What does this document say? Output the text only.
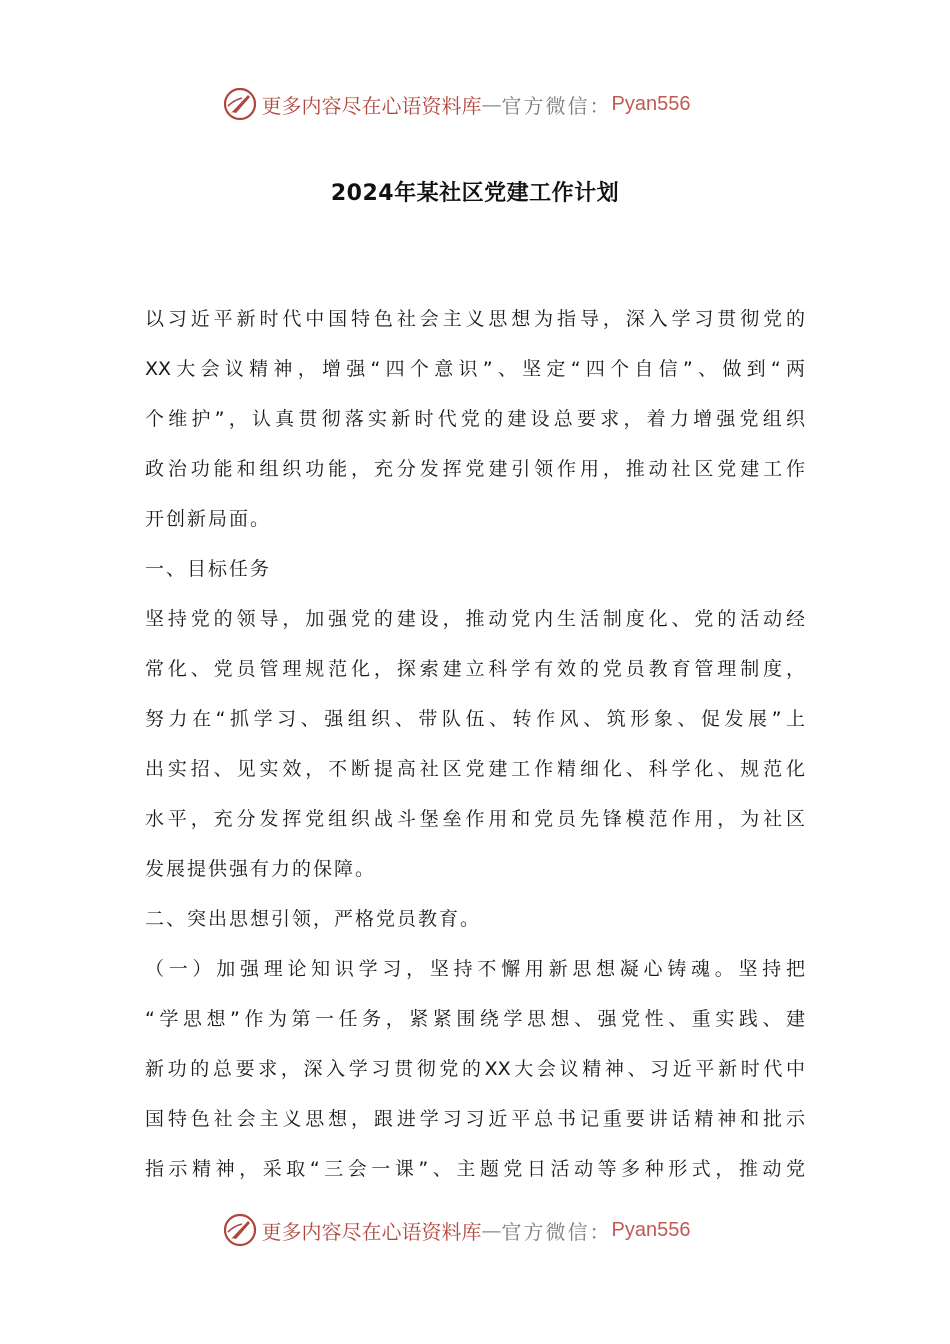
更多内容尽在心语资料库 — 官方微信： Pyan556
2024年某社区党建工作计划
以习近平新时代中国特色社会主义思想为指导，深入学习贯彻党的
XX大会议精神，增强“四个意识”、坚定“四个自信”、做到“两
个维护”，认真贯彻落实新时代党的建设总要求，着力增强党组织
政治功能和组织功能，充分发挥党建引领作用，推动社区党建工作
开创新局面。
一、目标任务
坚持党的领导，加强党的建设，推动党内生活制度化、党的活动经
常化、党员管理规范化，探索建立科学有效的党员教育管理制度，
努力在“抓学习、强组织、带队伍、转作风、筑形象、促发展”上
出实招、见实效，不断提高社区党建工作精细化、科学化、规范化
水平，充分发挥党组织战斗堡垒作用和党员先锋模范作用，为社区
发展提供强有力的保障。
二、突出思想引领，严格党员教育。
（一）加强理论知识学习，坚持不懈用新思想凝心铸魂。坚持把
“学思想”作为第一任务，紧紧围绕学思想、强党性、重实践、建
新功的总要求，深入学习贯彻党的XX大会议精神、习近平新时代中
国特色社会主义思想，跟进学习习近平总书记重要讲话精神和批示
指示精神，采取“三会一课”、主题党日活动等多种形式，推动党
更多内容尽在心语资料库 — 官方微信： Pyan556
